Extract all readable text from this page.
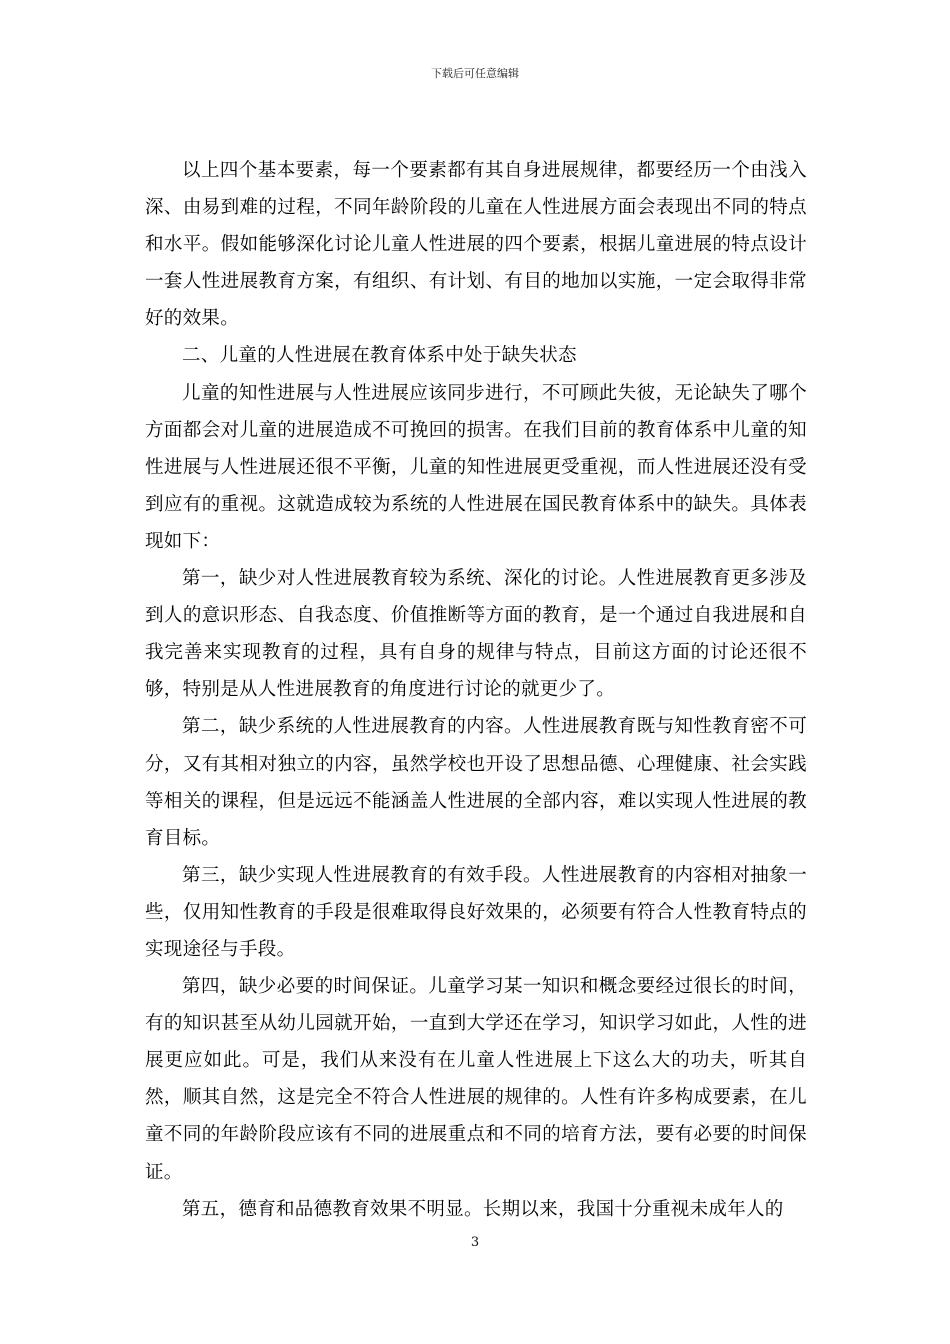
下载后可任意编辑

以上四个基本要素，每一个要素都有其自身进展规律，都要经历一个由浅入深、由易到难的过程，不同年龄阶段的儿童在人性进展方面会表现出不同的特点和水平。假如能够深化讨论儿童人性进展的四个要素，根据儿童进展的特点设计一套人性进展教育方案，有组织、有计划、有目的地加以实施，一定会取得非常好的效果。

二、儿童的人性进展在教育体系中处于缺失状态

儿童的知性进展与人性进展应该同步进行，不可顾此失彼，无论缺失了哪个方面都会对儿童的进展造成不可挽回的损害。在我们目前的教育体系中儿童的知性进展与人性进展还很不平衡，儿童的知性进展更受重视，而人性进展还没有受到应有的重视。这就造成较为系统的人性进展在国民教育体系中的缺失。具体表现如下：

第一，缺少对人性进展教育较为系统、深化的讨论。人性进展教育更多涉及到人的意识形态、自我态度、价值推断等方面的教育，是一个通过自我进展和自我完善来实现教育的过程，具有自身的规律与特点，目前这方面的讨论还很不够，特别是从人性进展教育的角度进行讨论的就更少了。

第二，缺少系统的人性进展教育的内容。人性进展教育既与知性教育密不可分，又有其相对独立的内容，虽然学校也开设了思想品德、心理健康、社会实践等相关的课程，但是远远不能涵盖人性进展的全部内容，难以实现人性进展的教育目标。

第三，缺少实现人性进展教育的有效手段。人性进展教育的内容相对抽象一些，仅用知性教育的手段是很难取得良好效果的，必须要有符合人性教育特点的实现途径与手段。

第四，缺少必要的时间保证。儿童学习某一知识和概念要经过很长的时间，有的知识甚至从幼儿园就开始，一直到大学还在学习，知识学习如此，人性的进展更应如此。可是，我们从来没有在儿童人性进展上下这么大的功夫，听其自然，顺其自然，这是完全不符合人性进展的规律的。人性有许多构成要素，在儿童不同的年龄阶段应该有不同的进展重点和不同的培育方法，要有必要的时间保证。

第五，德育和品德教育效果不明显。长期以来，我国十分重视未成年人的

3
